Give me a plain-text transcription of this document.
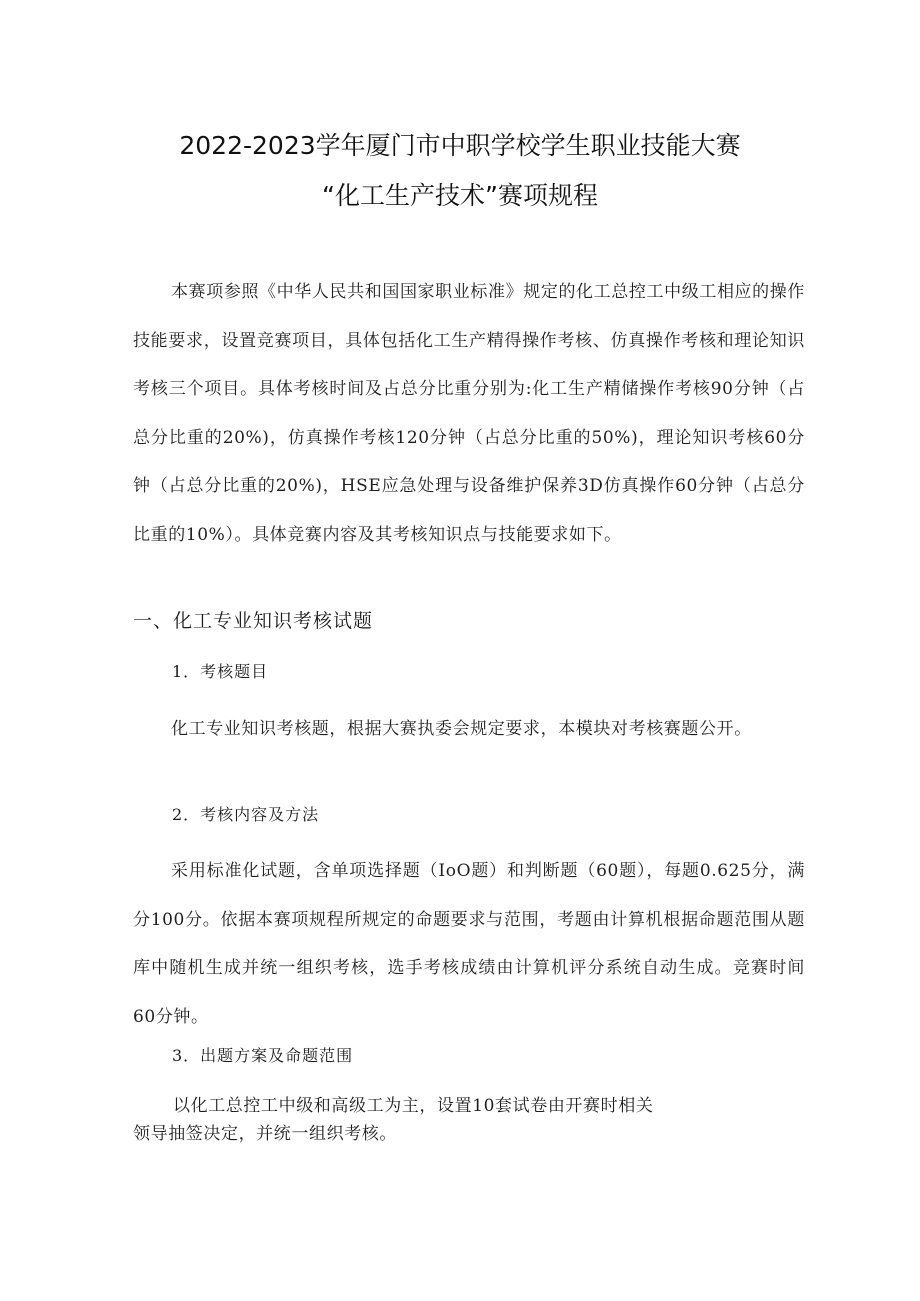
2022-2023学年厦门市中职学校学生职业技能大赛
“化工生产技术”赛项规程

本赛项参照《中华人民共和国国家职业标准》规定的化工总控工中级工相应的操作技能要求，设置竞赛项目，具体包括化工生产精得操作考核、仿真操作考核和理论知识考核三个项目。具体考核时间及占总分比重分别为:化工生产精储操作考核90分钟（占总分比重的20%)，仿真操作考核120分钟（占总分比重的50%)，理论知识考核60分钟（占总分比重的20%)，HSE应急处理与设备维护保养3D仿真操作60分钟（占总分比重的10%）。具体竞赛内容及其考核知识点与技能要求如下。

一、化工专业知识考核试题
1．考核题目

化工专业知识考核题，根据大赛执委会规定要求，本模块对考核赛题公开。

2．考核内容及方法

采用标准化试题，含单项选择题（IoO题）和判断题（60题），每题0.625分，满分100分。依据本赛项规程所规定的命题要求与范围，考题由计算机根据命题范围从题库中随机生成并统一组织考核，选手考核成绩由计算机评分系统自动生成。竞赛时间60分钟。

3．出题方案及命题范围
以化工总控工中级和高级工为主，设置10套试卷由开赛时相关
领导抽签决定，并统一组织考核。
